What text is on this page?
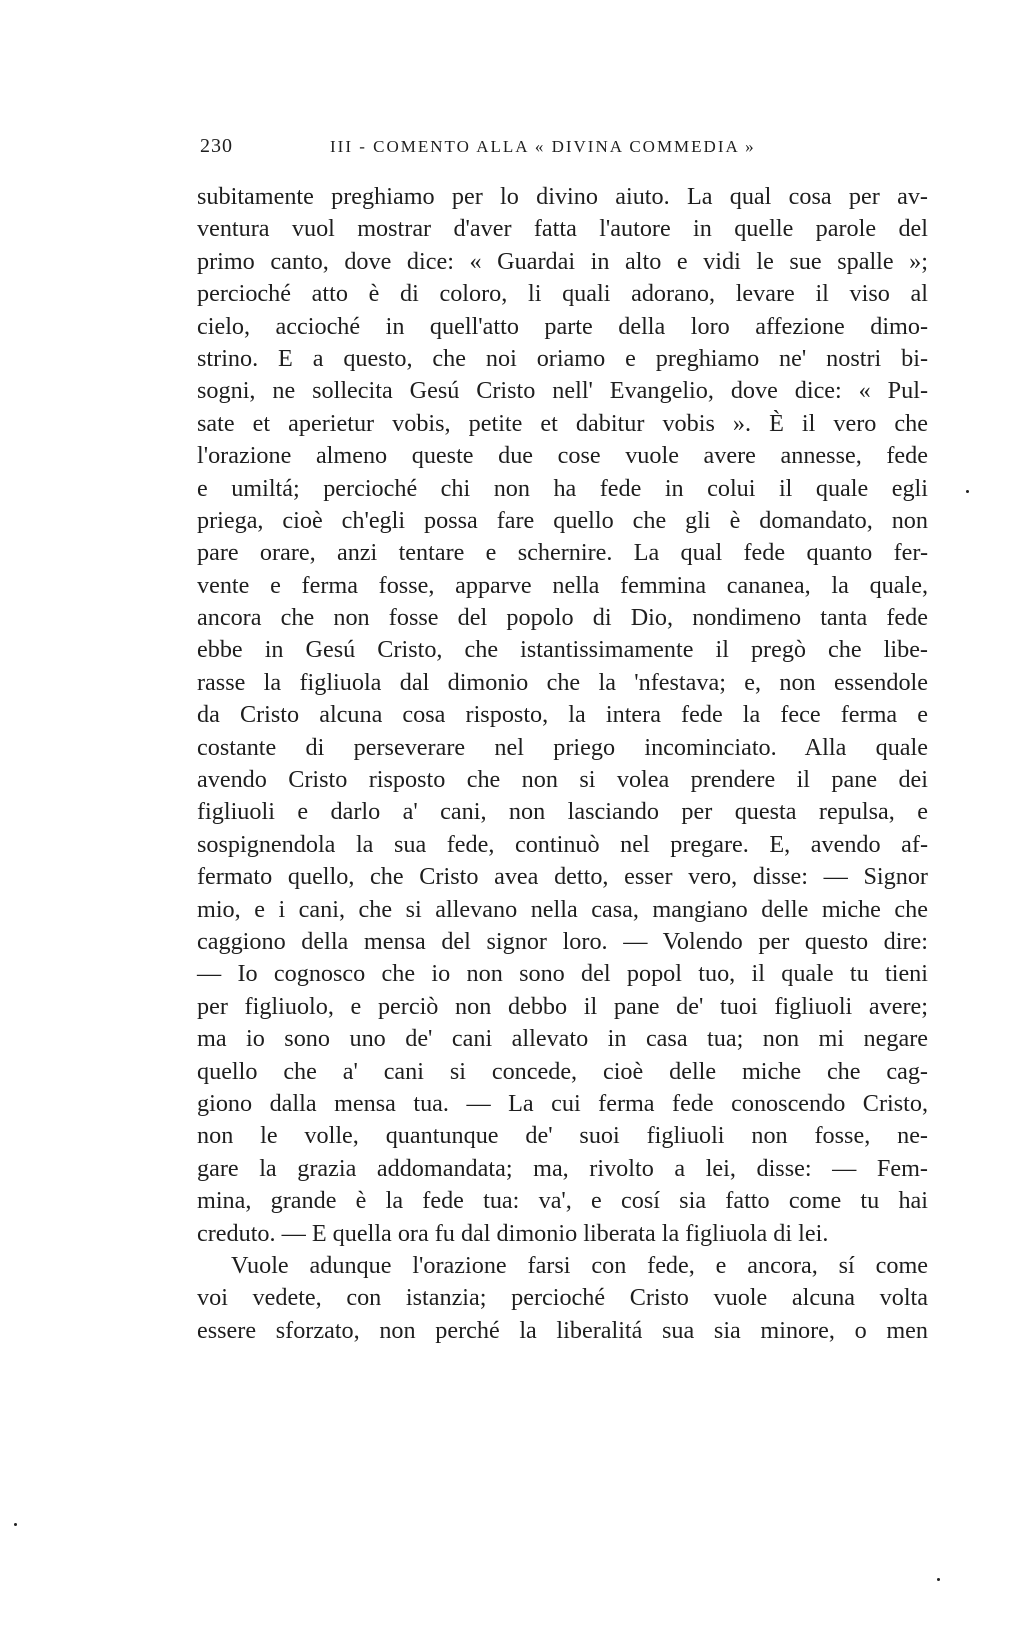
230	III - COMENTO ALLA « DIVINA COMMEDIA »
subitamente preghiamo per lo divino aiuto. La qual cosa per av-
ventura vuol mostrar d'aver fatta l'autore in quelle parole del
primo canto, dove dice: « Guardai in alto e vidi le sue spalle »;
percioché atto è di coloro, li quali adorano, levare il viso al
cielo, accioché in quell'atto parte della loro affezione dimo-
strino. E a questo, che noi oriamo e preghiamo ne' nostri bi-
sogni, ne sollecita Gesú Cristo nell' Evangelio, dove dice: « Pul-
sate et aperietur vobis, petite et dabitur vobis ». È il vero che
l'orazione almeno queste due cose vuole avere annesse, fede
e umiltá; percioché chi non ha fede in colui il quale egli
priega, cioè ch'egli possa fare quello che gli è domandato, non
pare orare, anzi tentare e schernire. La qual fede quanto fer-
vente e ferma fosse, apparve nella femmina cananea, la quale,
ancora che non fosse del popolo di Dio, nondimeno tanta fede
ebbe in Gesú Cristo, che istantissimamente il pregò che libe-
rasse la figliuola dal dimonio che la 'nfestava; e, non essendole
da Cristo alcuna cosa risposto, la intera fede la fece ferma e
costante di perseverare nel priego incominciato. Alla quale
avendo Cristo risposto che non si volea prendere il pane dei
figliuoli e darlo a' cani, non lasciando per questa repulsa, e
sospignendola la sua fede, continuò nel pregare. E, avendo af-
fermato quello, che Cristo avea detto, esser vero, disse: — Signor
mio, e i cani, che si allevano nella casa, mangiano delle miche che
caggiono della mensa del signor loro. — Volendo per questo dire:
— Io cognosco che io non sono del popol tuo, il quale tu tieni
per figliuolo, e perciò non debbo il pane de' tuoi figliuoli avere;
ma io sono uno de' cani allevato in casa tua; non mi negare
quello che a' cani si concede, cioè delle miche che cag-
giono dalla mensa tua. — La cui ferma fede conoscendo Cristo,
non le volle, quantunque de' suoi figliuoli non fosse, ne-
gare la grazia addomandata; ma, rivolto a lei, disse: — Fem-
mina, grande è la fede tua: va', e cosí sia fatto come tu hai
creduto. — E quella ora fu dal dimonio liberata la figliuola di lei.
Vuole adunque l'orazione farsi con fede, e ancora, sí come
voi vedete, con istanzia; percioché Cristo vuole alcuna volta
essere sforzato, non perché la liberalitá sua sia minore, o men
